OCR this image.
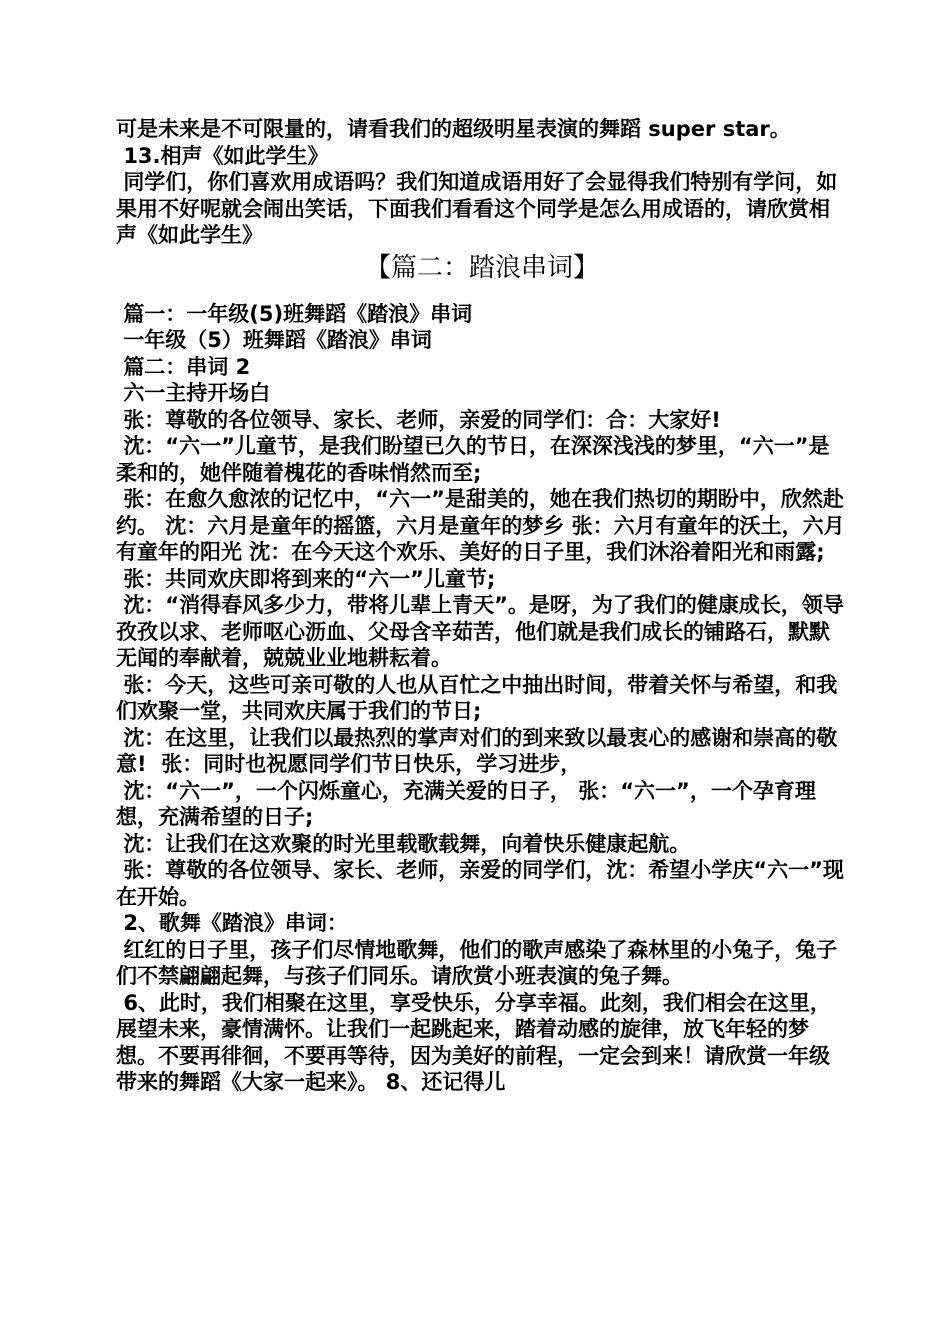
可是未来是不可限量的，请看我们的超级明星表演的舞蹈 super star。

13.相声《如此学生》

同学们，你们喜欢用成语吗？我们知道成语用好了会显得我们特别有学问，如果用不好呢就会闹出笑话，下面我们看看这个同学是怎么用成语的，请欣赏相声《如此学生》

【篇二：踏浪串词】

篇一：一年级(5)班舞蹈《踏浪》串词

一年级（5）班舞蹈《踏浪》串词

篇二：串词 2

六一主持开场白

张：尊敬的各位领导、家长、老师，亲爱的同学们：合：大家好!

沈：“六一”儿童节，是我们盼望已久的节日，在深深浅浅的梦里，“六一”是柔和的，她伴随着槐花的香味悄然而至;

张：在愈久愈浓的记忆中，“六一”是甜美的，她在我们热切的期盼中，欣然赴约。 沈：六月是童年的摇篮，六月是童年的梦乡 张：六月有童年的沃土，六月有童年的阳光 沈：在今天这个欢乐、美好的日子里，我们沐浴着阳光和雨露;

张：共同欢庆即将到来的“六一”儿童节;

沈：“消得春风多少力，带将儿辈上青天”。是呀，为了我们的健康成长，领导孜孜以求、老师呕心沥血、父母含辛茹苦，他们就是我们成长的铺路石，默默无闻的奉献着，兢兢业业地耕耘着。

张：今天，这些可亲可敬的人也从百忙之中抽出时间，带着关怀与希望，和我们欢聚一堂，共同欢庆属于我们的节日;

沈：在这里，让我们以最热烈的掌声对们的到来致以最衷心的感谢和崇高的敬意!  张：同时也祝愿同学们节日快乐，学习进步，

沈：“六一”，一个闪烁童心，充满关爱的日子， 张：“六一”，一个孕育理想，充满希望的日子;

沈：让我们在这欢聚的时光里载歌载舞，向着快乐健康起航。

张：尊敬的各位领导、家长、老师，亲爱的同学们，沈：希望小学庆“六一”现在开始。

2、歌舞《踏浪》串词：

红红的日子里，孩子们尽情地歌舞，他们的歌声感染了森林里的小兔子，兔子们不禁翩翩起舞，与孩子们同乐。请欣赏小班表演的兔子舞。

6、此时，我们相聚在这里，享受快乐，分享幸福。此刻，我们相会在这里，展望未来，豪情满怀。让我们一起跳起来，踏着动感的旋律，放飞年轻的梦想。不要再徘徊，不要再等待，因为美好的前程，一定会到来！请欣赏一年级带来的舞蹈《大家一起来》。 8、还记得儿
